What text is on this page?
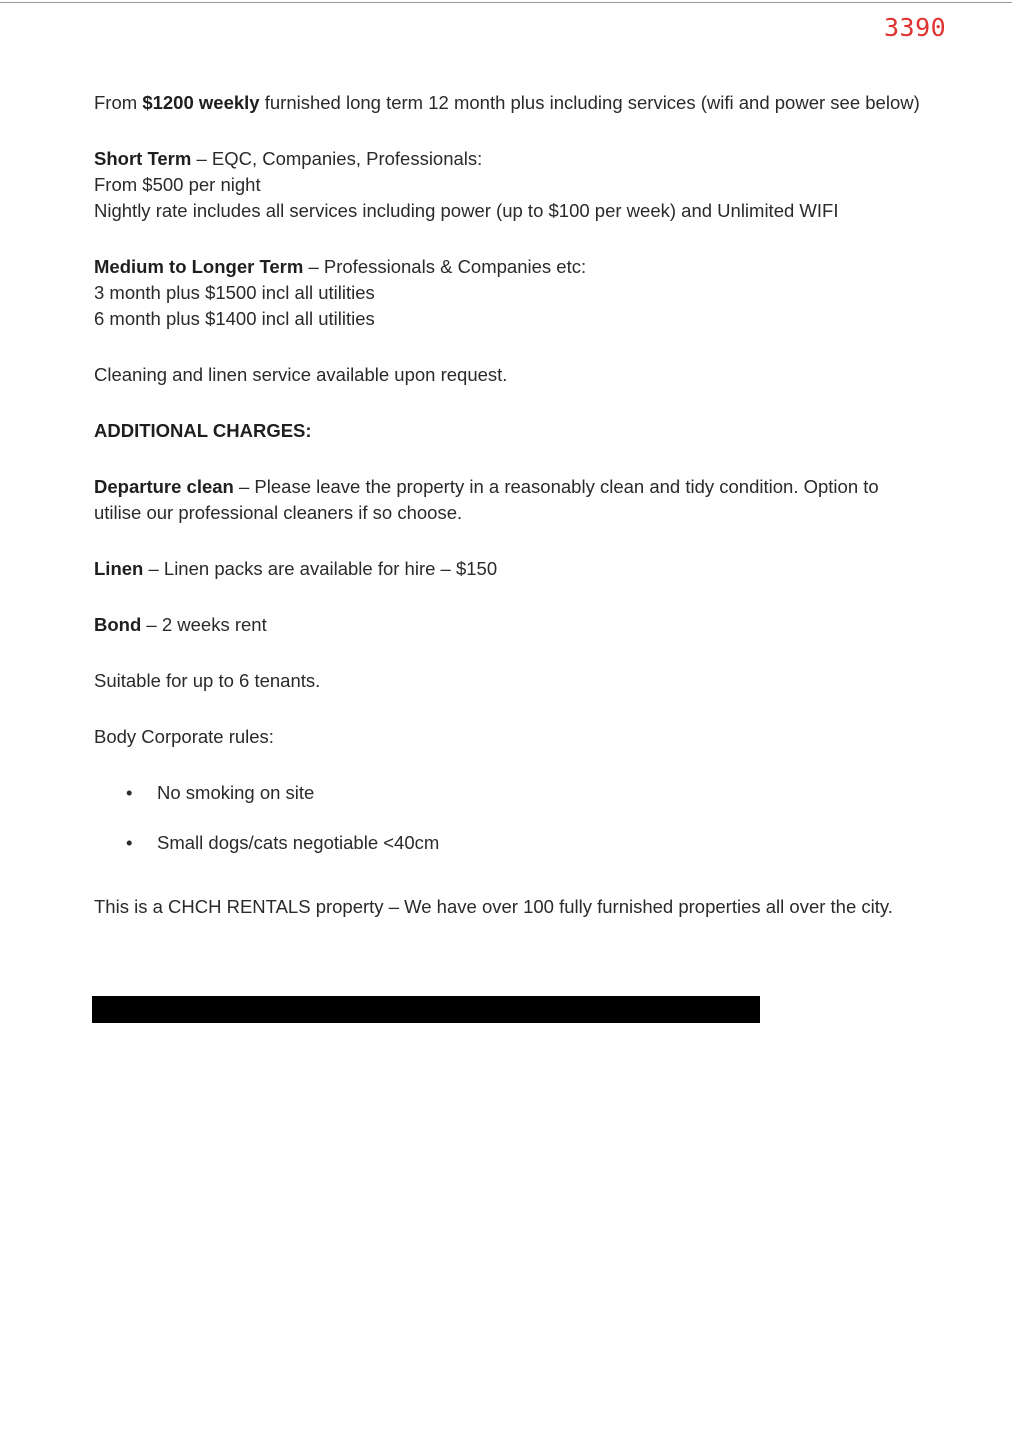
3390

From $1200 weekly furnished long term 12 month plus including services (wifi and power see below)

Short Term – EQC, Companies, Professionals:

From $500 per night

Nightly rate includes all services including power (up to $100 per week) and Unlimited WIFI

Medium to Longer Term – Professionals & Companies etc:

3 month plus $1500 incl all utilities

6 month plus $1400 incl all utilities

Cleaning and linen service available upon request.

ADDITIONAL CHARGES:

Departure clean – Please leave the property in a reasonably clean and tidy condition. Option to utilise our professional cleaners if so choose.

Linen – Linen packs are available for hire – $150

Bond – 2 weeks rent

Suitable for up to 6 tenants.

Body Corporate rules:

• No smoking on site
• Small dogs/cats negotiable <40cm

This is a CHCH RENTALS property – We have over 100 fully furnished properties all over the city.
